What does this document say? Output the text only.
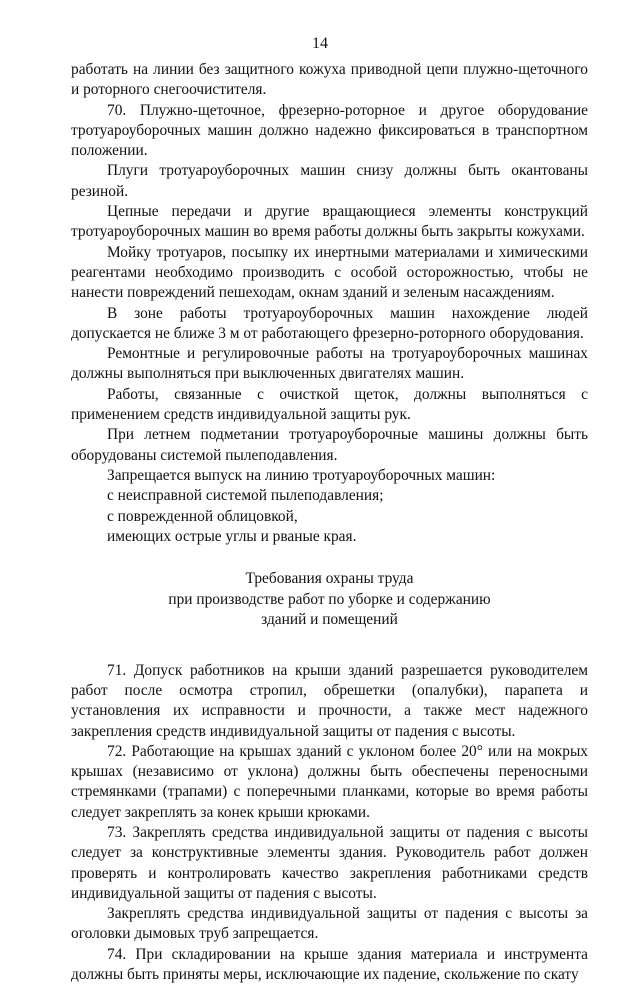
14

работать на линии без защитного кожуха приводной цепи плужно-щеточного и роторного снегоочистителя.

70. Плужно-щеточное, фрезерно-роторное и другое оборудование тротуароуборочных машин должно надежно фиксироваться в транспортном положении.

Плуги тротуароуборочных машин снизу должны быть окантованы резиной.

Цепные передачи и другие вращающиеся элементы конструкций тротуароуборочных машин во время работы должны быть закрыты кожухами.

Мойку тротуаров, посыпку их инертными материалами и химическими реагентами необходимо производить с особой осторожностью, чтобы не нанести повреждений пешеходам, окнам зданий и зеленым насаждениям.

В зоне работы тротуароуборочных машин нахождение людей допускается не ближе 3 м от работающего фрезерно-роторного оборудования.

Ремонтные и регулировочные работы на тротуароуборочных машинах должны выполняться при выключенных двигателях машин.

Работы, связанные с очисткой щеток, должны выполняться с применением средств индивидуальной защиты рук.

При летнем подметании тротуароуборочные машины должны быть оборудованы системой пылеподавления.

Запрещается выпуск на линию тротуароуборочных машин:

с неисправной системой пылеподавления;

с поврежденной облицовкой,

имеющих острые углы и рваные края.

Требования охраны труда
при производстве работ по уборке и содержанию
зданий и помещений

71. Допуск работников на крыши зданий разрешается руководителем работ после осмотра стропил, обрешетки (опалубки), парапета и установления их исправности и прочности, а также мест надежного закрепления средств индивидуальной защиты от падения с высоты.

72. Работающие на крышах зданий с уклоном более 20° или на мокрых крышах (независимо от уклона) должны быть обеспечены переносными стремянками (трапами) с поперечными планками, которые во время работы следует закреплять за конек крыши крюками.

73. Закреплять средства индивидуальной защиты от падения с высоты следует за конструктивные элементы здания. Руководитель работ должен проверять и контролировать качество закрепления работниками средств индивидуальной защиты от падения с высоты.

Закреплять средства индивидуальной защиты от падения с высоты за оголовки дымовых труб запрещается.

74. При складировании на крыше здания материала и инструмента должны быть приняты меры, исключающие их падение, скольжение по скату
